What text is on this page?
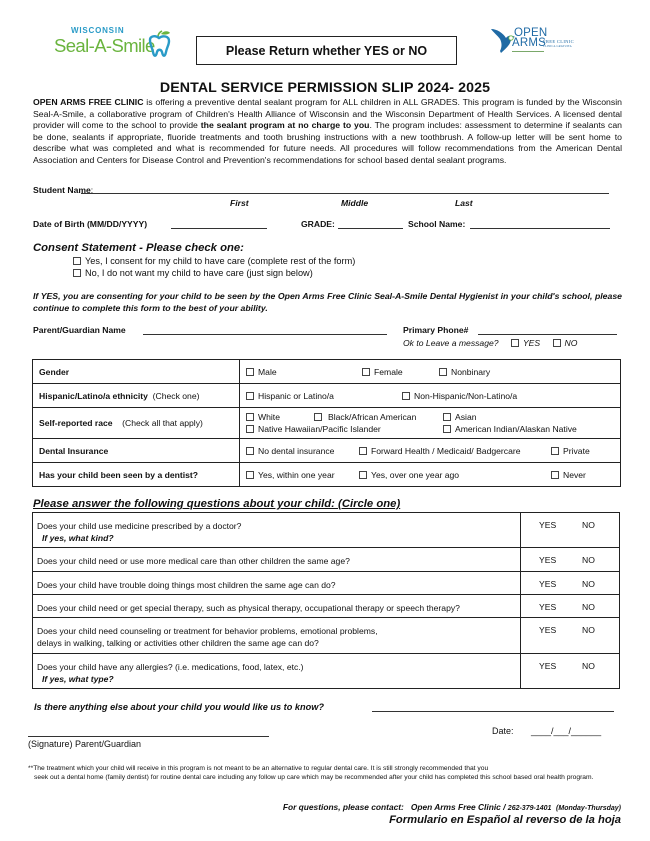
WISCONSIN
Seal-A-Smile	Please Return whether YES or NO
OPEN
ARMS
FREE CLINIC
CLINICA GRATUITA
DENTAL SERVICE PERMISSION SLIP 2024- 2025
OPEN ARMS FREE CLINIC is offering a preventive dental sealant program for ALL children in ALL GRADES. This program is funded by the Wisconsin Seal-A-Smile, a collaborative program of Children's Health Alliance of Wisconsin and the Wisconsin Department of Health Services. A licensed dental provider will come to the school to provide the sealant program at no charge to you. The program includes: assessment to determine if sealants can be done, sealants if appropriate, fluoride treatments and tooth brushing instructions with a new toothbrush. A follow-up letter will be sent home to describe what was completed and what is recommended for future needs. All procedures will follow recommendations from the American Dental Association and Centers for Disease Control and Prevention's recommendations for school based dental sealant programs.
Student Name:
First	Middle	Last
Date of Birth (MM/DD/YYYY)	GRADE:	School Name:
Consent Statement - Please check one:
Yes, I consent for my child to have care (complete rest of the form)
No, I do not want my child to have care (just sign below)
If YES, you are consenting for your child to be seen by the Open Arms Free Clinic Seal-A-Smile Dental Hygienist in your child's school, please continue to complete this form to the best of your ability.
Parent/Guardian Name	Primary Phone#
Ok to Leave a message?	YES	NO
Gender	Male Female Nonbinary

Hispanic/Latino/a ethnicity (Check one)	Hispanic or Latino/a Non-Hispanic/Non-Latino/a

Self-reported race (Check all that apply)	White Black/African American Asian
Native Hawaiian/Pacific Islander American Indian/Alaskan Native

Dental Insurance	No dental insurance Forward Health / Medicaid/ Badgercare Private

Has your child been seen by a dentist?	Yes, within one year Yes, over one year ago Never
Please answer the following questions about your child: (Circle one)
Does your child use medicine prescribed by a doctor?
If yes, what kind?	YES NO

Does your child need or use more medical care than other children the same age?	YES NO

Does your child have trouble doing things most children the same age can do?	YES NO

Does your child need or get special therapy, such as physical therapy, occupational therapy or speech therapy?	YES NO

Does your child need counseling or treatment for behavior problems, emotional problems,
delays in walking, talking or activities other children the same age can do?	YES NO

Does your child have any allergies? (i.e. medications, food, latex, etc.)
If yes, what type?	YES NO
Is there anything else about your child you would like us to know?
(Signature) Parent/Guardian
Date: ____/___/______
**The treatment which your child will receive in this program is not meant to be an alternative to regular dental care. It is still strongly recommended that you
seek out a dental home (family dentist) for routine dental care including any follow up care which may be recommended after your child has completed this school based oral health program.
For questions, please contact: Open Arms Free Clinic / 262-379-1401 (Monday-Thursday)
Formulario en Español al reverso de la hoja
